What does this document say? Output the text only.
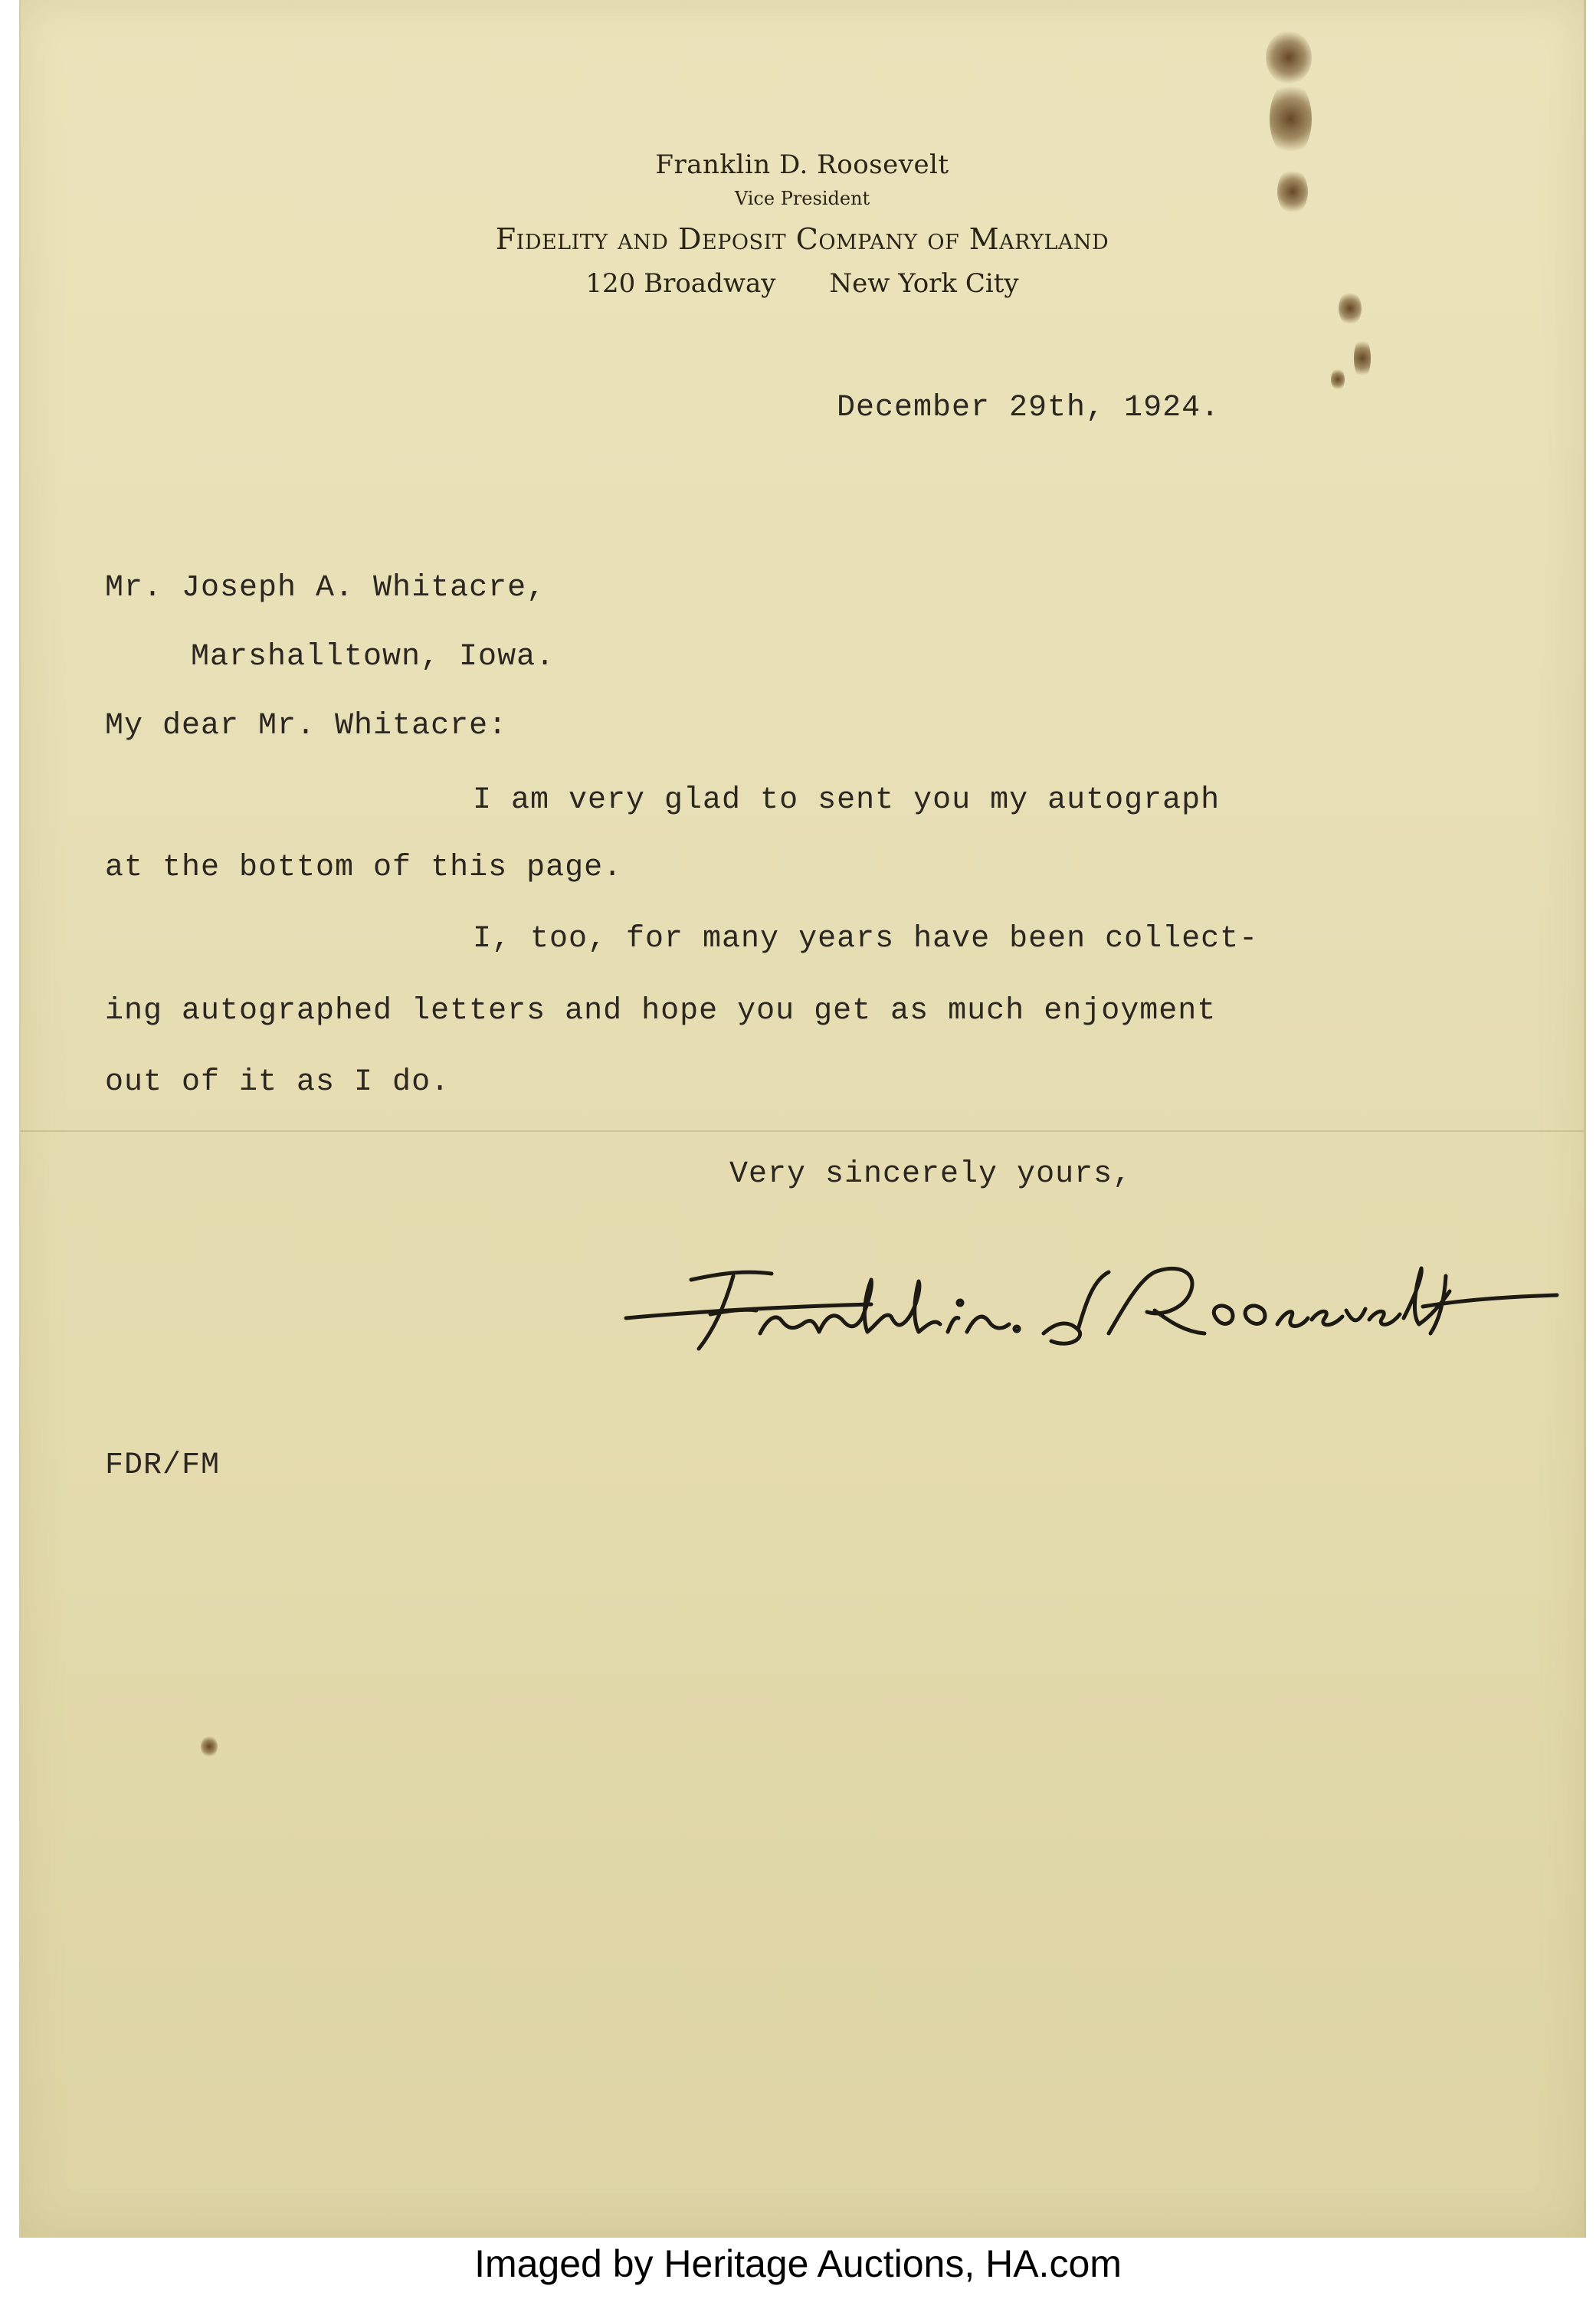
Franklin D. Roosevelt
Vice President
Fidelity and Deposit Company of Maryland
120 Broadway New York City
December 29th, 1924.
Mr. Joseph A. Whitacre,
Marshalltown, Iowa.
My dear Mr. Whitacre:
I am very glad to sent you my autograph
at the bottom of this page.
I, too, for many years have been collect-
ing autographed letters and hope you get as much enjoyment
out of it as I do.
Very sincerely yours,
FDR/FM
Imaged by Heritage Auctions, HA.com
